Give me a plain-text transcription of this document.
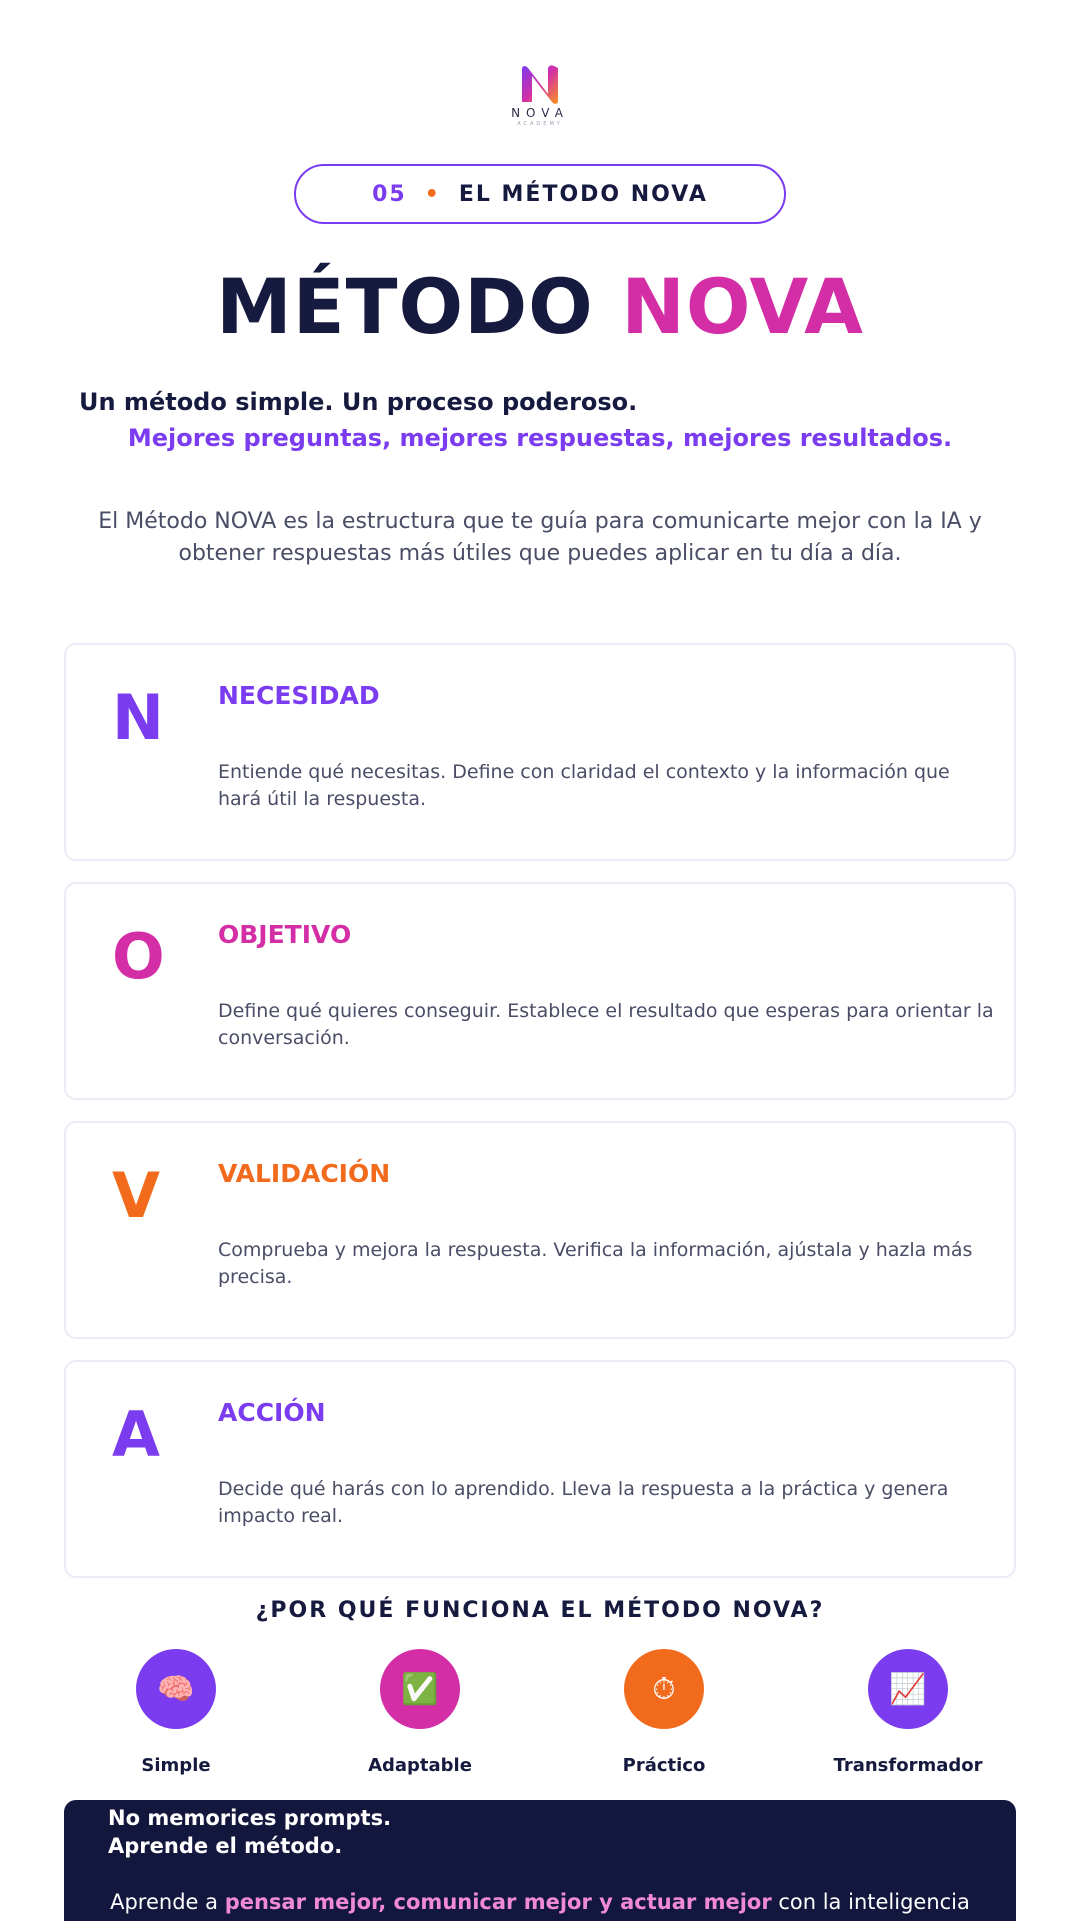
NOVA
ACADEMY
05 • EL MÉTODO NOVA
MÉTODO NOVA
Un método simple. Un proceso poderoso.
Mejores preguntas, mejores respuestas, mejores resultados.

El Método NOVA es la estructura que te guía para comunicarte mejor con la IA y obtener respuestas más útiles que puedes aplicar en tu día a día.

N NECESIDAD
Entiende qué necesitas. Define con claridad el contexto y la información que hará útil la respuesta.
O OBJETIVO
Define qué quieres conseguir. Establece el resultado que esperas para orientar la conversación.
V VALIDACIÓN
Comprueba y mejora la respuesta. Verifica la información, ajústala y hazla más precisa.
A ACCIÓN
Decide qué harás con lo aprendido. Lleva la respuesta a la práctica y genera impacto real.
¿POR QUÉ FUNCIONA EL MÉTODO NOVA?
🧠
Simple
✅
Adaptable
⏱
Práctico
📈
Transformador
No memorices prompts.
Aprende el método.
Aprende a pensar mejor, comunicar mejor y actuar mejor con la inteligencia
